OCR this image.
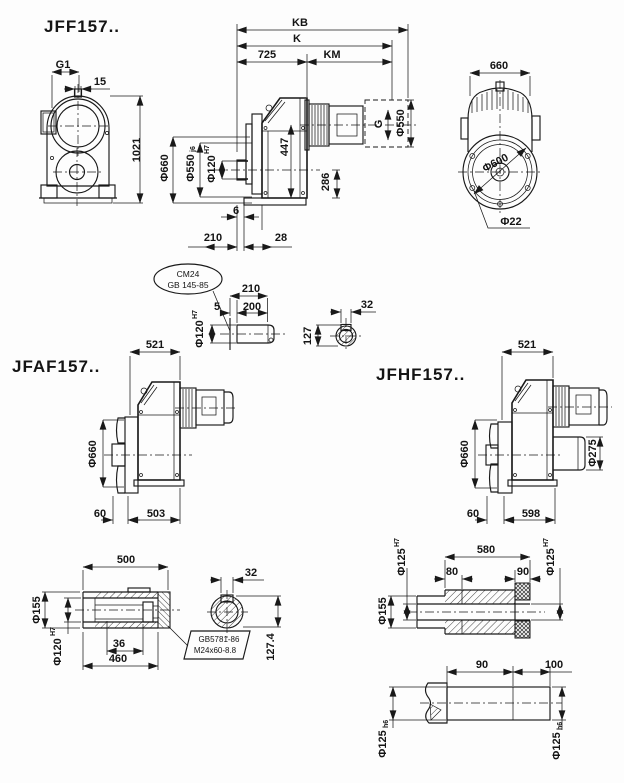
JFF157..
G1
15
1021
KB
K
725	KM
G Φ550
447
286
Φ660 Φ550
j6
Φ120
H7
6
210	28
660
Φ600
Φ22
CM24
GB 145-85	210
5 200
Φ120
H7
127
32
JFAF157..
521
Φ660
60	503
JFHF157..
521
Φ660	Φ275
60	598
500
Φ155
Φ120
H7
36
460
GB5781-86
M24x60-8.8
32
127.4
580
80	90
Φ125
H7
Φ125
H7
Φ155
90	100
Φ125
h6
Φ125
h6
